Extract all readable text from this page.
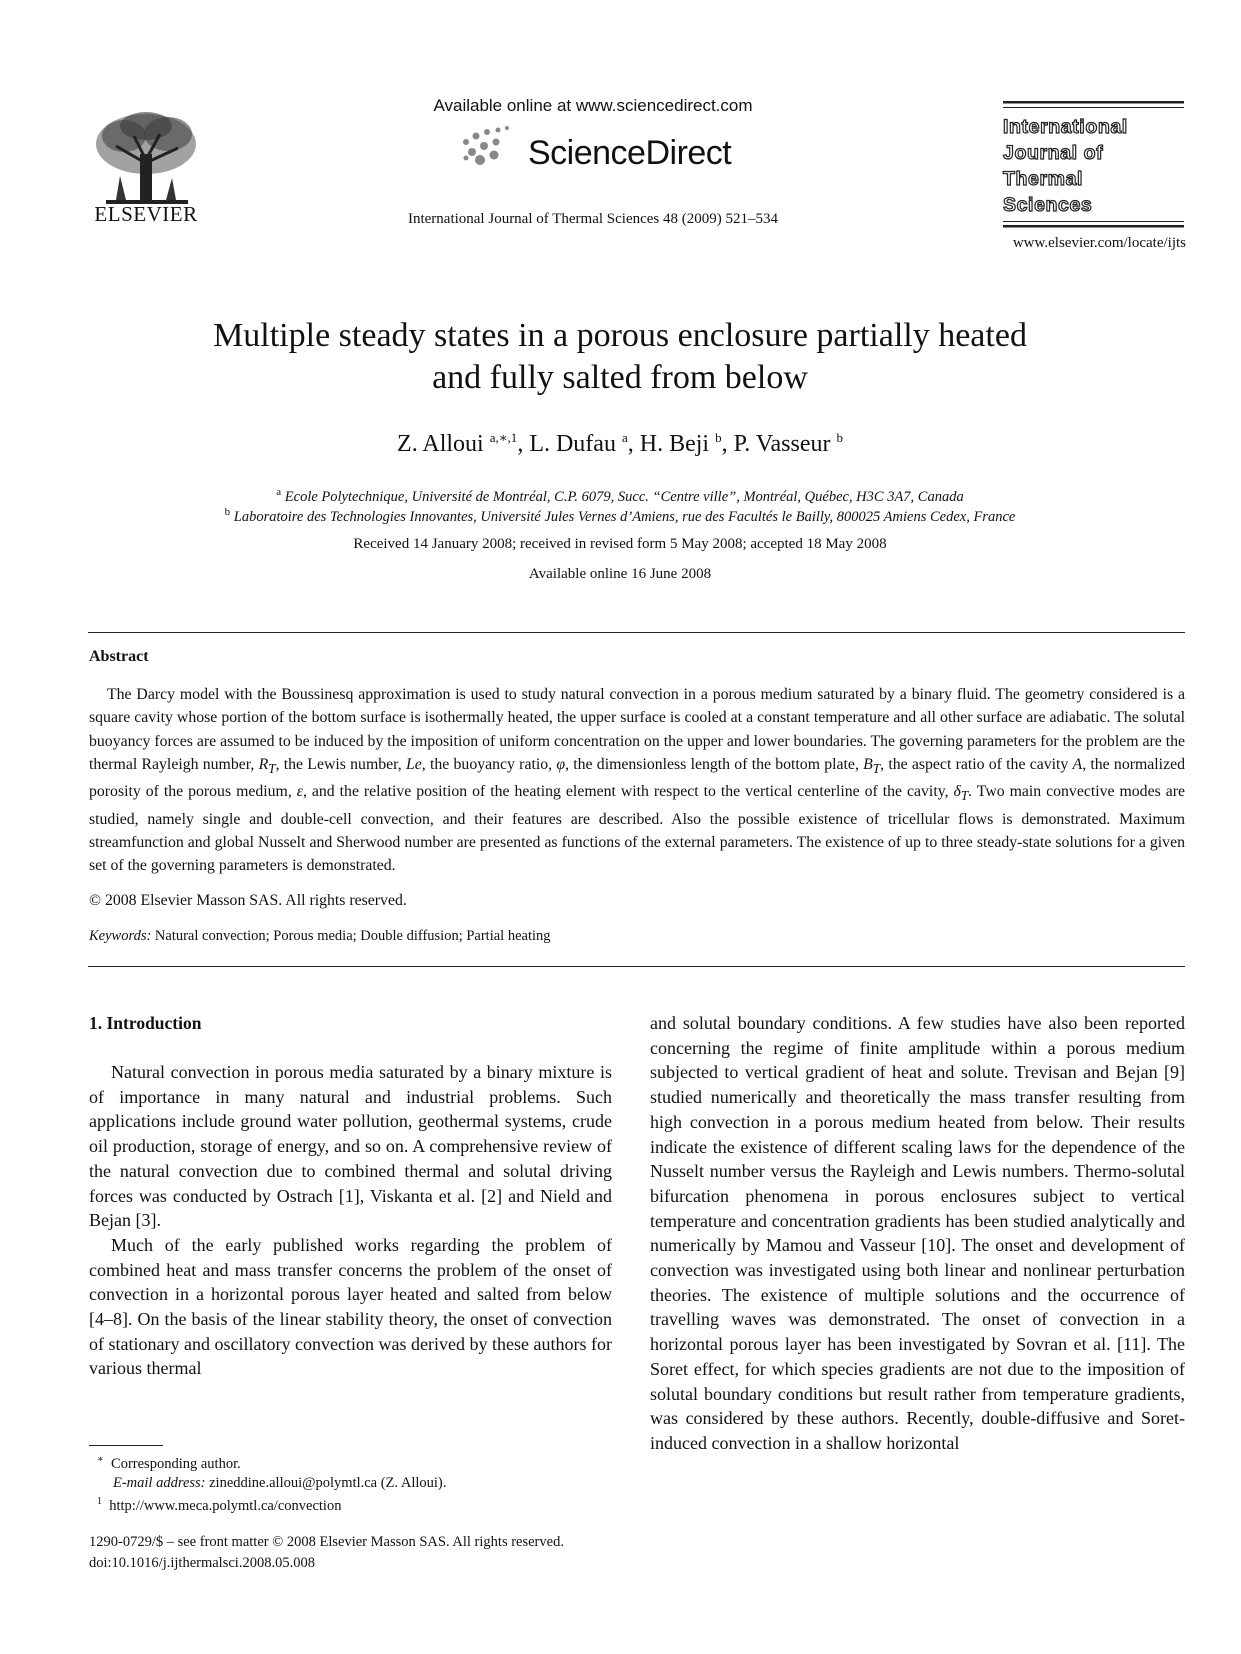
ELSEVIER
Available online at www.sciencedirect.com
ScienceDirect
International Journal of Thermal Sciences 48 (2009) 521–534
International
Journal of
Thermal
Sciences
www.elsevier.com/locate/ijts
Multiple steady states in a porous enclosure partially heated
and fully salted from below
Z. Alloui $^{a,∗,1}$, L. Dufau $^a$, H. Beji $^b$, P. Vasseur $^b$
$^a$ Ecole Polytechnique, Université de Montréal, C.P. 6079, Succ. “Centre ville”, Montréal, Québec, H3C 3A7, Canada
$^b$ Laboratoire des Technologies Innovantes, Université Jules Vernes d’Amiens, rue des Facultés le Bailly, 800025 Amiens Cedex, France
Received 14 January 2008; received in revised form 5 May 2008; accepted 18 May 2008
Available online 16 June 2008
Abstract
The Darcy model with the Boussinesq approximation is used to study natural convection in a porous medium saturated by a binary fluid. The geometry considered is a square cavity whose portion of the bottom surface is isothermally heated, the upper surface is cooled at a constant temperature and all other surface are adiabatic. The solutal buoyancy forces are assumed to be induced by the imposition of uniform concentration on the upper and lower boundaries. The governing parameters for the problem are the thermal Rayleigh number, $R_T$, the Lewis number, Le, the buoyancy ratio, φ, the dimensionless length of the bottom plate, $B_T$, the aspect ratio of the cavity A, the normalized porosity of the porous medium, ε, and the relative position of the heating element with respect to the vertical centerline of the cavity, $\delta_T$. Two main convective modes are studied, namely single and double-cell convection, and their features are described. Also the possible existence of tricellular flows is demonstrated. Maximum streamfunction and global Nusselt and Sherwood number are presented as functions of the external parameters. The existence of up to three steady-state solutions for a given set of the governing parameters is demonstrated.
© 2008 Elsevier Masson SAS. All rights reserved.
Keywords: Natural convection; Porous media; Double diffusion; Partial heating
1. Introduction

Natural convection in porous media saturated by a binary mixture is of importance in many natural and industrial problems. Such applications include ground water pollution, geothermal systems, crude oil production, storage of energy, and so on. A comprehensive review of the natural convection due to combined thermal and solutal driving forces was conducted by Ostrach [1], Viskanta et al. [2] and Nield and Bejan [3].

Much of the early published works regarding the problem of combined heat and mass transfer concerns the problem of the onset of convection in a horizontal porous layer heated and salted from below [4–8]. On the basis of the linear stability theory, the onset of convection of stationary and oscillatory convection was derived by these authors for various thermal

and solutal boundary conditions. A few studies have also been reported concerning the regime of finite amplitude within a porous medium subjected to vertical gradient of heat and solute. Trevisan and Bejan [9] studied numerically and theoretically the mass transfer resulting from high convection in a porous medium heated from below. Their results indicate the existence of different scaling laws for the dependence of the Nusselt number versus the Rayleigh and Lewis numbers. Thermo-solutal bifurcation phenomena in porous enclosures subject to vertical temperature and concentration gradients has been studied analytically and numerically by Mamou and Vasseur [10]. The onset and development of convection was investigated using both linear and nonlinear perturbation theories. The existence of multiple solutions and the occurrence of travelling waves was demonstrated. The onset of convection in a horizontal porous layer has been investigated by Sovran et al. [11]. The Soret effect, for which species gradients are not due to the imposition of solutal boundary conditions but result rather from temperature gradients, was considered by these authors. Recently, double-diffusive and Soret-induced convection in a shallow horizontal

∗ Corresponding author.
E-mail address: zineddine.alloui@polymtl.ca (Z. Alloui).
$^1$ http://www.meca.polymtl.ca/convection
1290-0729/$ – see front matter © 2008 Elsevier Masson SAS. All rights reserved.
doi:10.1016/j.ijthermalsci.2008.05.008
